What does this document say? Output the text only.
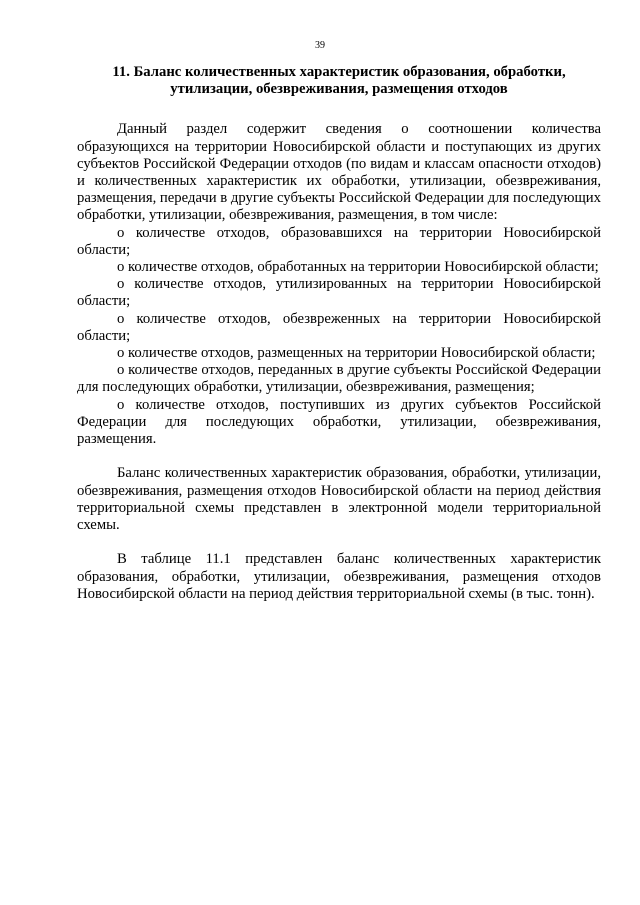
39
11. Баланс количественных характеристик образования, обработки,
утилизации, обезвреживания, размещения отходов

Данный раздел содержит сведения о соотношении количества образующихся на территории Новосибирской области и поступающих из других субъектов Российской Федерации отходов (по видам и классам опасности отходов) и количественных характеристик их обработки, утилизации, обезвреживания, размещения, передачи в другие субъекты Российской Федерации для последующих обработки, утилизации, обезвреживания, размещения, в том числе:

о количестве отходов, образовавшихся на территории Новосибирской области;
о количестве отходов, обработанных на территории Новосибирской области;
о количестве отходов, утилизированных на территории Новосибирской области;
о количестве отходов, обезвреженных на территории Новосибирской области;
о количестве отходов, размещенных на территории Новосибирской области;
о количестве отходов, переданных в другие субъекты Российской Федерации для последующих обработки, утилизации, обезвреживания, размещения;
о количестве отходов, поступивших из других субъектов Российской Федерации для последующих обработки, утилизации, обезвреживания, размещения.

Баланс количественных характеристик образования, обработки, утилизации, обезвреживания, размещения отходов Новосибирской области на период действия территориальной схемы представлен в электронной модели территориальной схемы.

В таблице 11.1 представлен баланс количественных характеристик образования, обработки, утилизации, обезвреживания, размещения отходов Новосибирской области на период действия территориальной схемы (в тыс. тонн).
